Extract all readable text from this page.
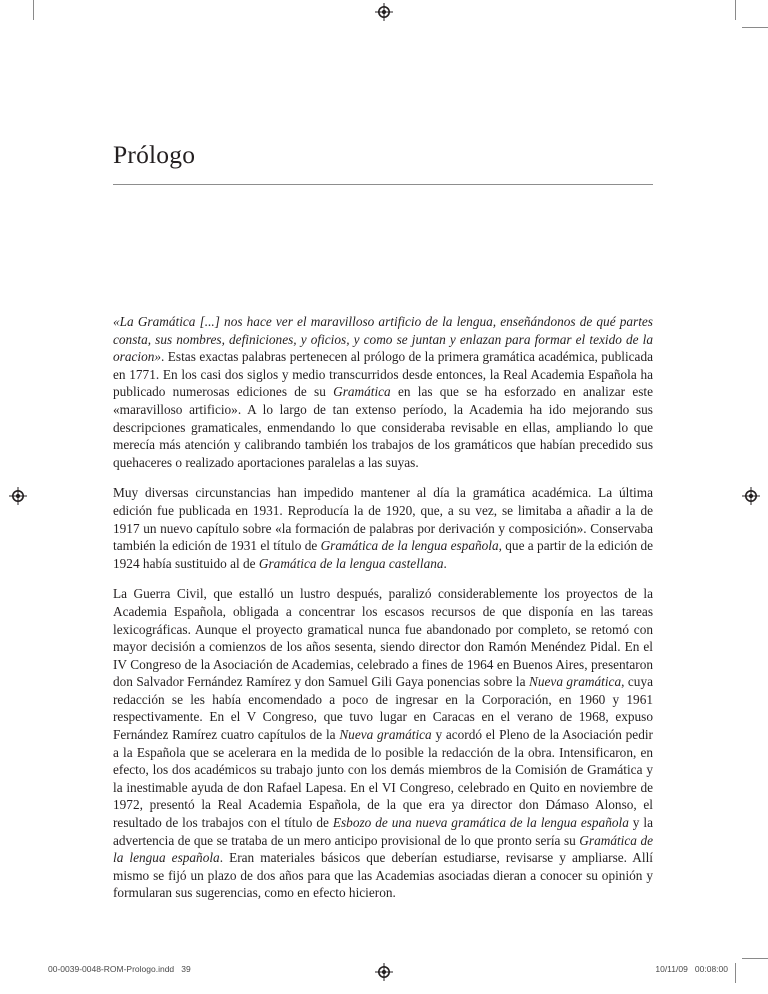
Prólogo

«La Gramática [...] nos hace ver el maravilloso artificio de la lengua, enseñándonos de qué partes consta, sus nombres, definiciones, y oficios, y como se juntan y enlazan para formar el texido de la oracion». Estas exactas palabras pertenecen al prólogo de la primera gramática académica, publicada en 1771. En los casi dos siglos y medio transcurridos desde entonces, la Real Academia Española ha publicado numerosas ediciones de su Gramática en las que se ha esforzado en analizar este «maravilloso artificio». A lo largo de tan extenso período, la Academia ha ido mejorando sus descripciones gramaticales, enmendando lo que consideraba revisable en ellas, ampliando lo que merecía más atención y calibrando también los trabajos de los gramáticos que habían precedido sus quehaceres o realizado aportaciones paralelas a las suyas.

Muy diversas circunstancias han impedido mantener al día la gramática académica. La última edición fue publicada en 1931. Reproducía la de 1920, que, a su vez, se limitaba a añadir a la de 1917 un nuevo capítulo sobre «la formación de palabras por derivación y composición». Conservaba también la edición de 1931 el título de Gramática de la lengua española, que a partir de la edición de 1924 había sustituido al de Gramática de la lengua castellana.

La Guerra Civil, que estalló un lustro después, paralizó considerablemente los proyectos de la Academia Española, obligada a concentrar los escasos recursos de que disponía en las tareas lexicográficas. Aunque el proyecto gramatical nunca fue abandonado por completo, se retomó con mayor decisión a comienzos de los años sesenta, siendo director don Ramón Menéndez Pidal. En el IV Congreso de la Asociación de Academias, celebrado a fines de 1964 en Buenos Aires, presentaron don Salvador Fernández Ramírez y don Samuel Gili Gaya ponencias sobre la Nueva gramática, cuya redacción se les había encomendado a poco de ingresar en la Corporación, en 1960 y 1961 respectivamente. En el V Congreso, que tuvo lugar en Caracas en el verano de 1968, expuso Fernández Ramírez cuatro capítulos de la Nueva gramática y acordó el Pleno de la Asociación pedir a la Española que se acelerara en la medida de lo posible la redacción de la obra. Intensificaron, en efecto, los dos académicos su trabajo junto con los demás miembros de la Comisión de Gramática y la inestimable ayuda de don Rafael Lapesa. En el VI Congreso, celebrado en Quito en noviembre de 1972, presentó la Real Academia Española, de la que era ya director don Dámaso Alonso, el resultado de los trabajos con el título de Esbozo de una nueva gramática de la lengua española y la advertencia de que se trataba de un mero anticipo provisional de lo que pronto sería su Gramática de la lengua española. Eran materiales básicos que deberían estudiarse, revisarse y ampliarse. Allí mismo se fijó un plazo de dos años para que las Academias asociadas dieran a conocer su opinión y formularan sus sugerencias, como en efecto hicieron.

00-0039-0048-ROM-Prologo.indd   39	10/11/09   00:08:00
